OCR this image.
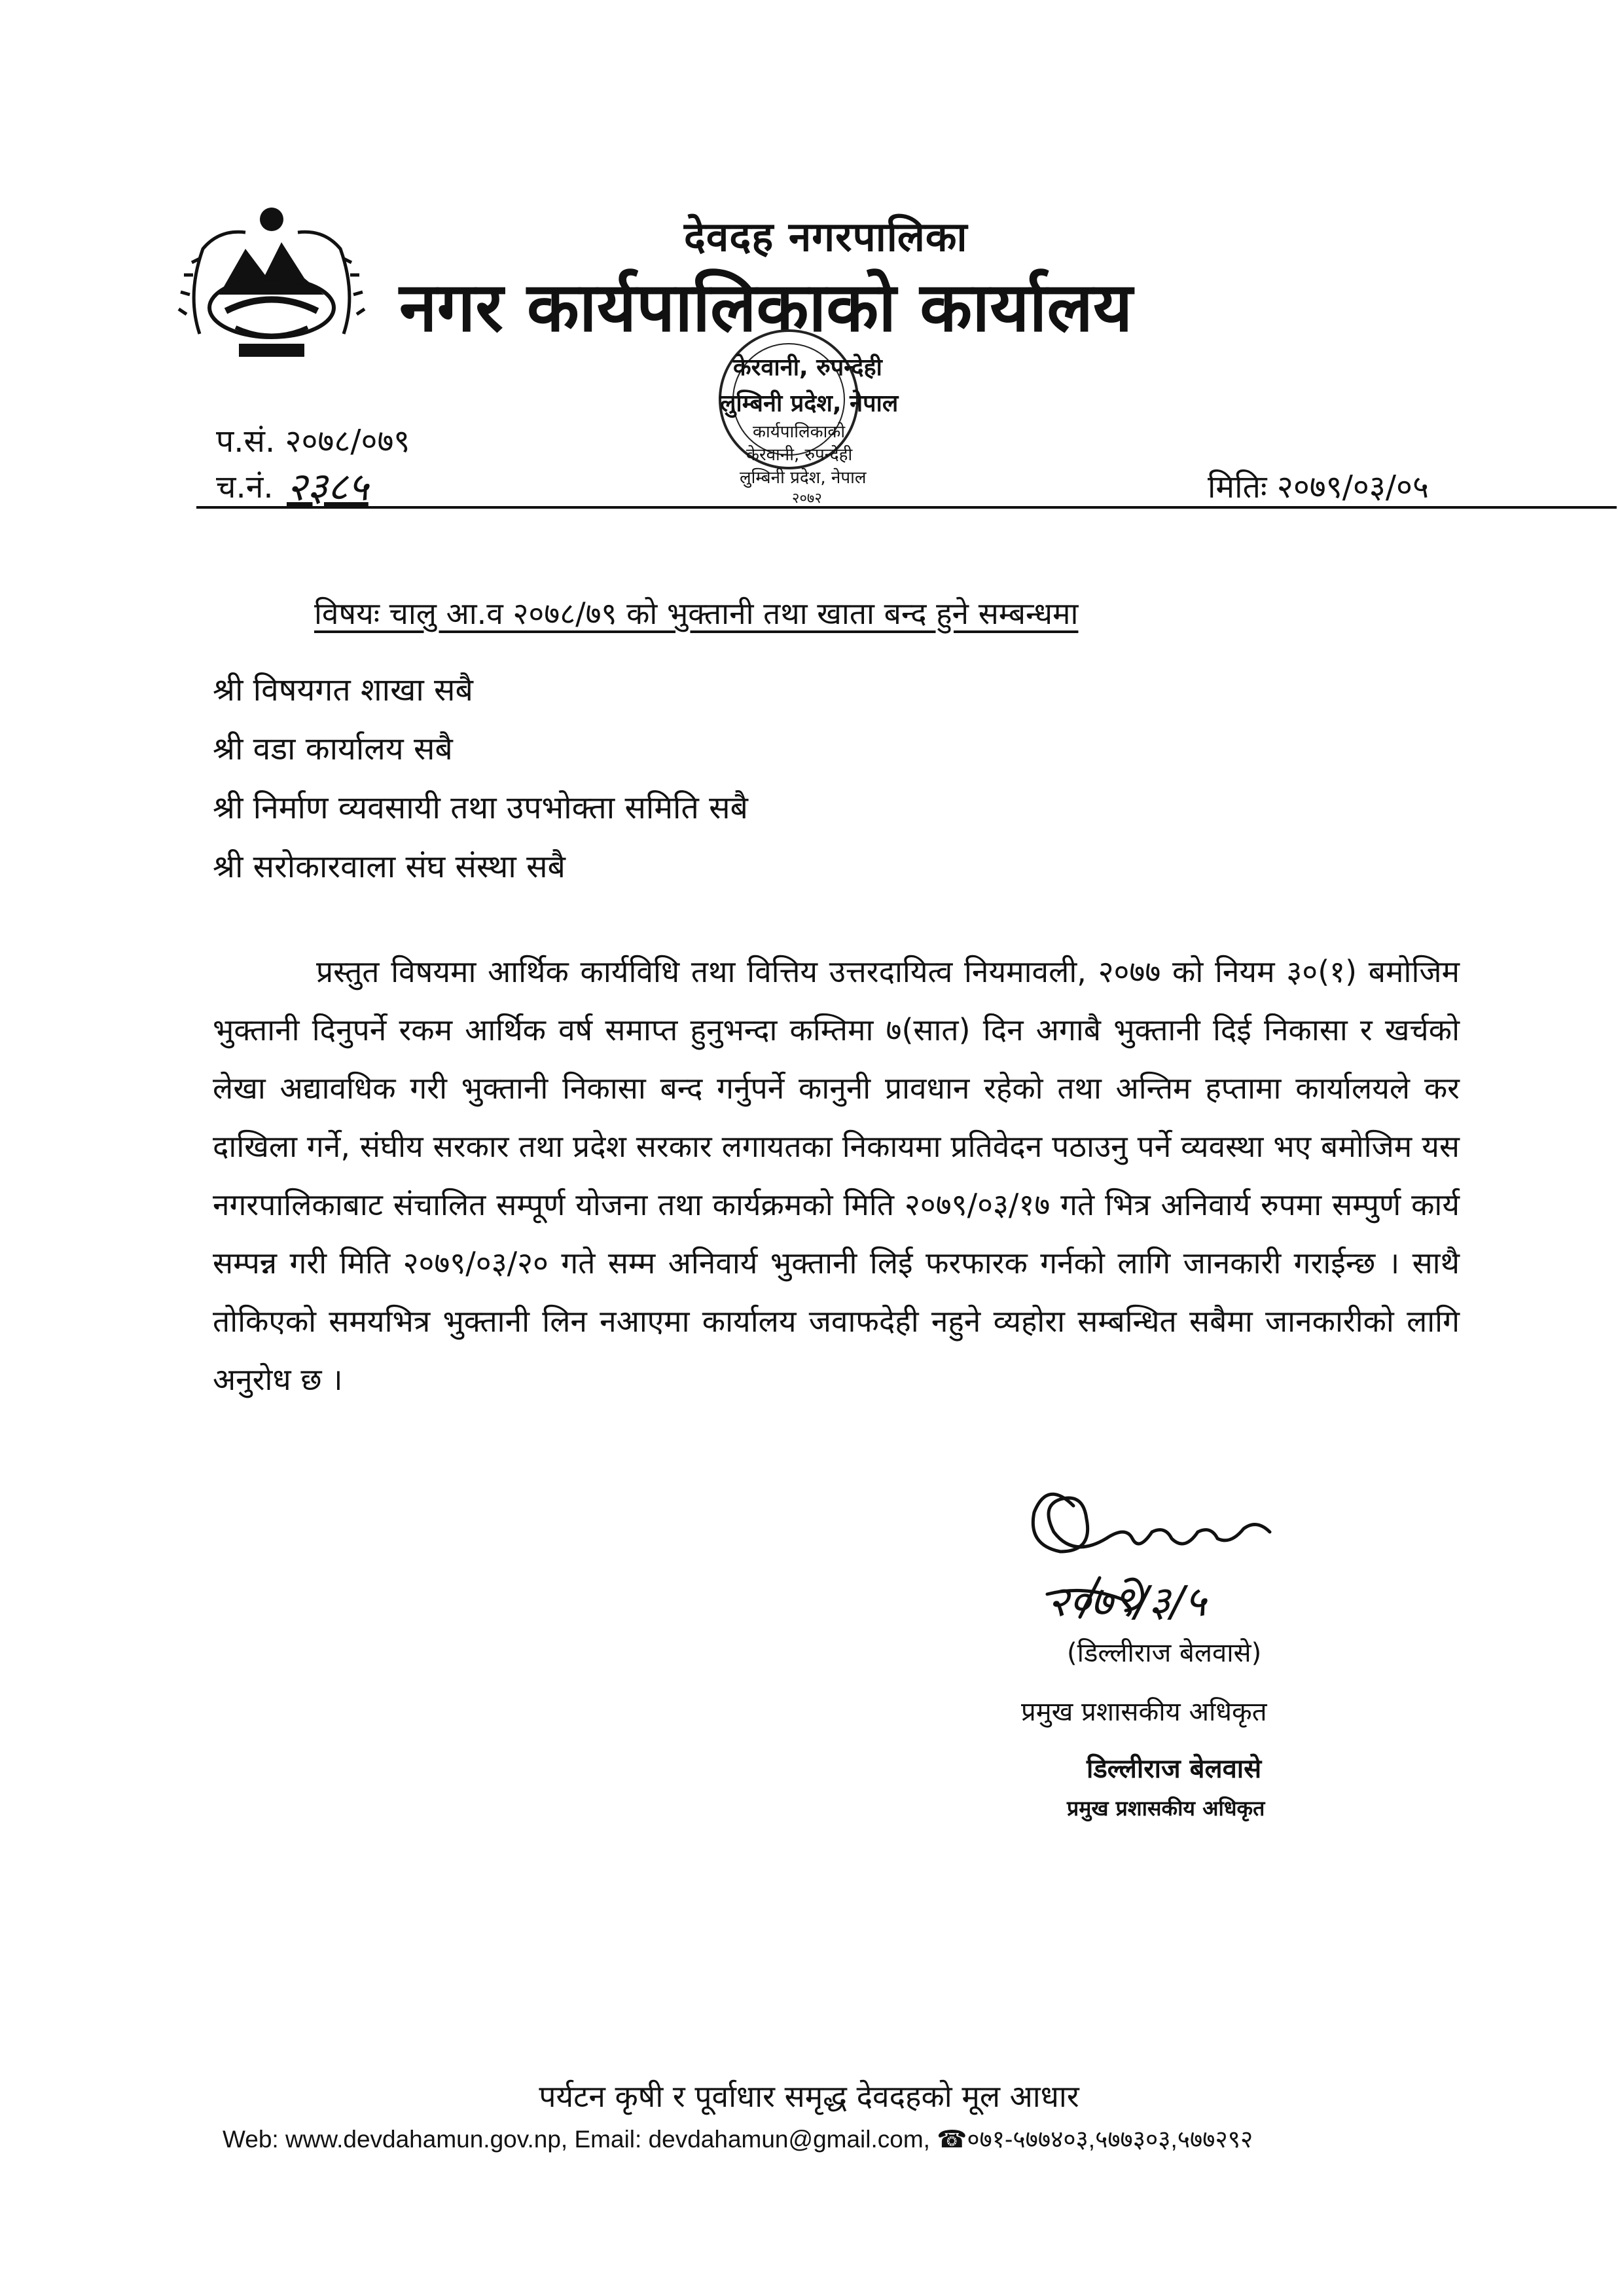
देवदह नगरपालिका
नगर कार्यपालिकाको कार्यालय
केरवानी, रुपन्देही
लुम्बिनी प्रदेश, नेपाल
कार्यपालिकाको
केरवानी, रुपन्देही
लुम्बिनी प्रदेश, नेपाल
२०७२
प.सं. २०७८/०७९
च.नं. २३८५	मितिः २०७९/०३/०५
विषयः चालु आ.व २०७८/७९ को भुक्तानी तथा खाता बन्द हुने सम्बन्धमा
श्री विषयगत शाखा सबै
श्री वडा कार्यालय सबै
श्री निर्माण व्यवसायी तथा उपभोक्ता समिति सबै
श्री सरोकारवाला संघ संस्था सबै

प्रस्तुत विषयमा आर्थिक कार्यविधि तथा वित्तिय उत्तरदायित्व नियमावली, २०७७ को नियम ३०(१) बमोजिम भुक्तानी दिनुपर्ने रकम आर्थिक वर्ष समाप्त हुनुभन्दा कम्तिमा ७(सात) दिन अगाबै भुक्तानी दिई निकासा र खर्चको लेखा अद्यावधिक गरी भुक्तानी निकासा बन्द गर्नुपर्ने कानुनी प्रावधान रहेको तथा अन्तिम हप्तामा कार्यालयले कर दाखिला गर्ने, संघीय सरकार तथा प्रदेश सरकार लगायतका निकायमा प्रतिवेदन पठाउनु पर्ने व्यवस्था भए बमोजिम यस नगरपालिकाबाट संचालित सम्पूर्ण योजना तथा कार्यक्रमको मिति २०७९/०३/१७ गते भित्र अनिवार्य रुपमा सम्पुर्ण कार्य सम्पन्न गरी मिति २०७९/०३/२० गते सम्म अनिवार्य भुक्तानी लिई फरफारक गर्नको लागि जानकारी गराईन्छ । साथै तोकिएको समयभित्र भुक्तानी लिन नआएमा कार्यालय जवाफदेही नहुने व्यहोरा सम्बन्धित सबैमा जानकारीको लागि अनुरोध छ ।

२०७९/३/५
(डिल्लीराज बेलवासे)
प्रमुख प्रशासकीय अधिकृत
डिल्लीराज बेलवासे
प्रमुख प्रशासकीय अधिकृत
पर्यटन कृषी र पूर्वाधार समृद्ध देवदहको मूल आधार
Web: www.devdahamun.gov.np, Email: devdahamun@gmail.com, ☎०७१-५७७४०३,५७७३०३,५७७२९२
